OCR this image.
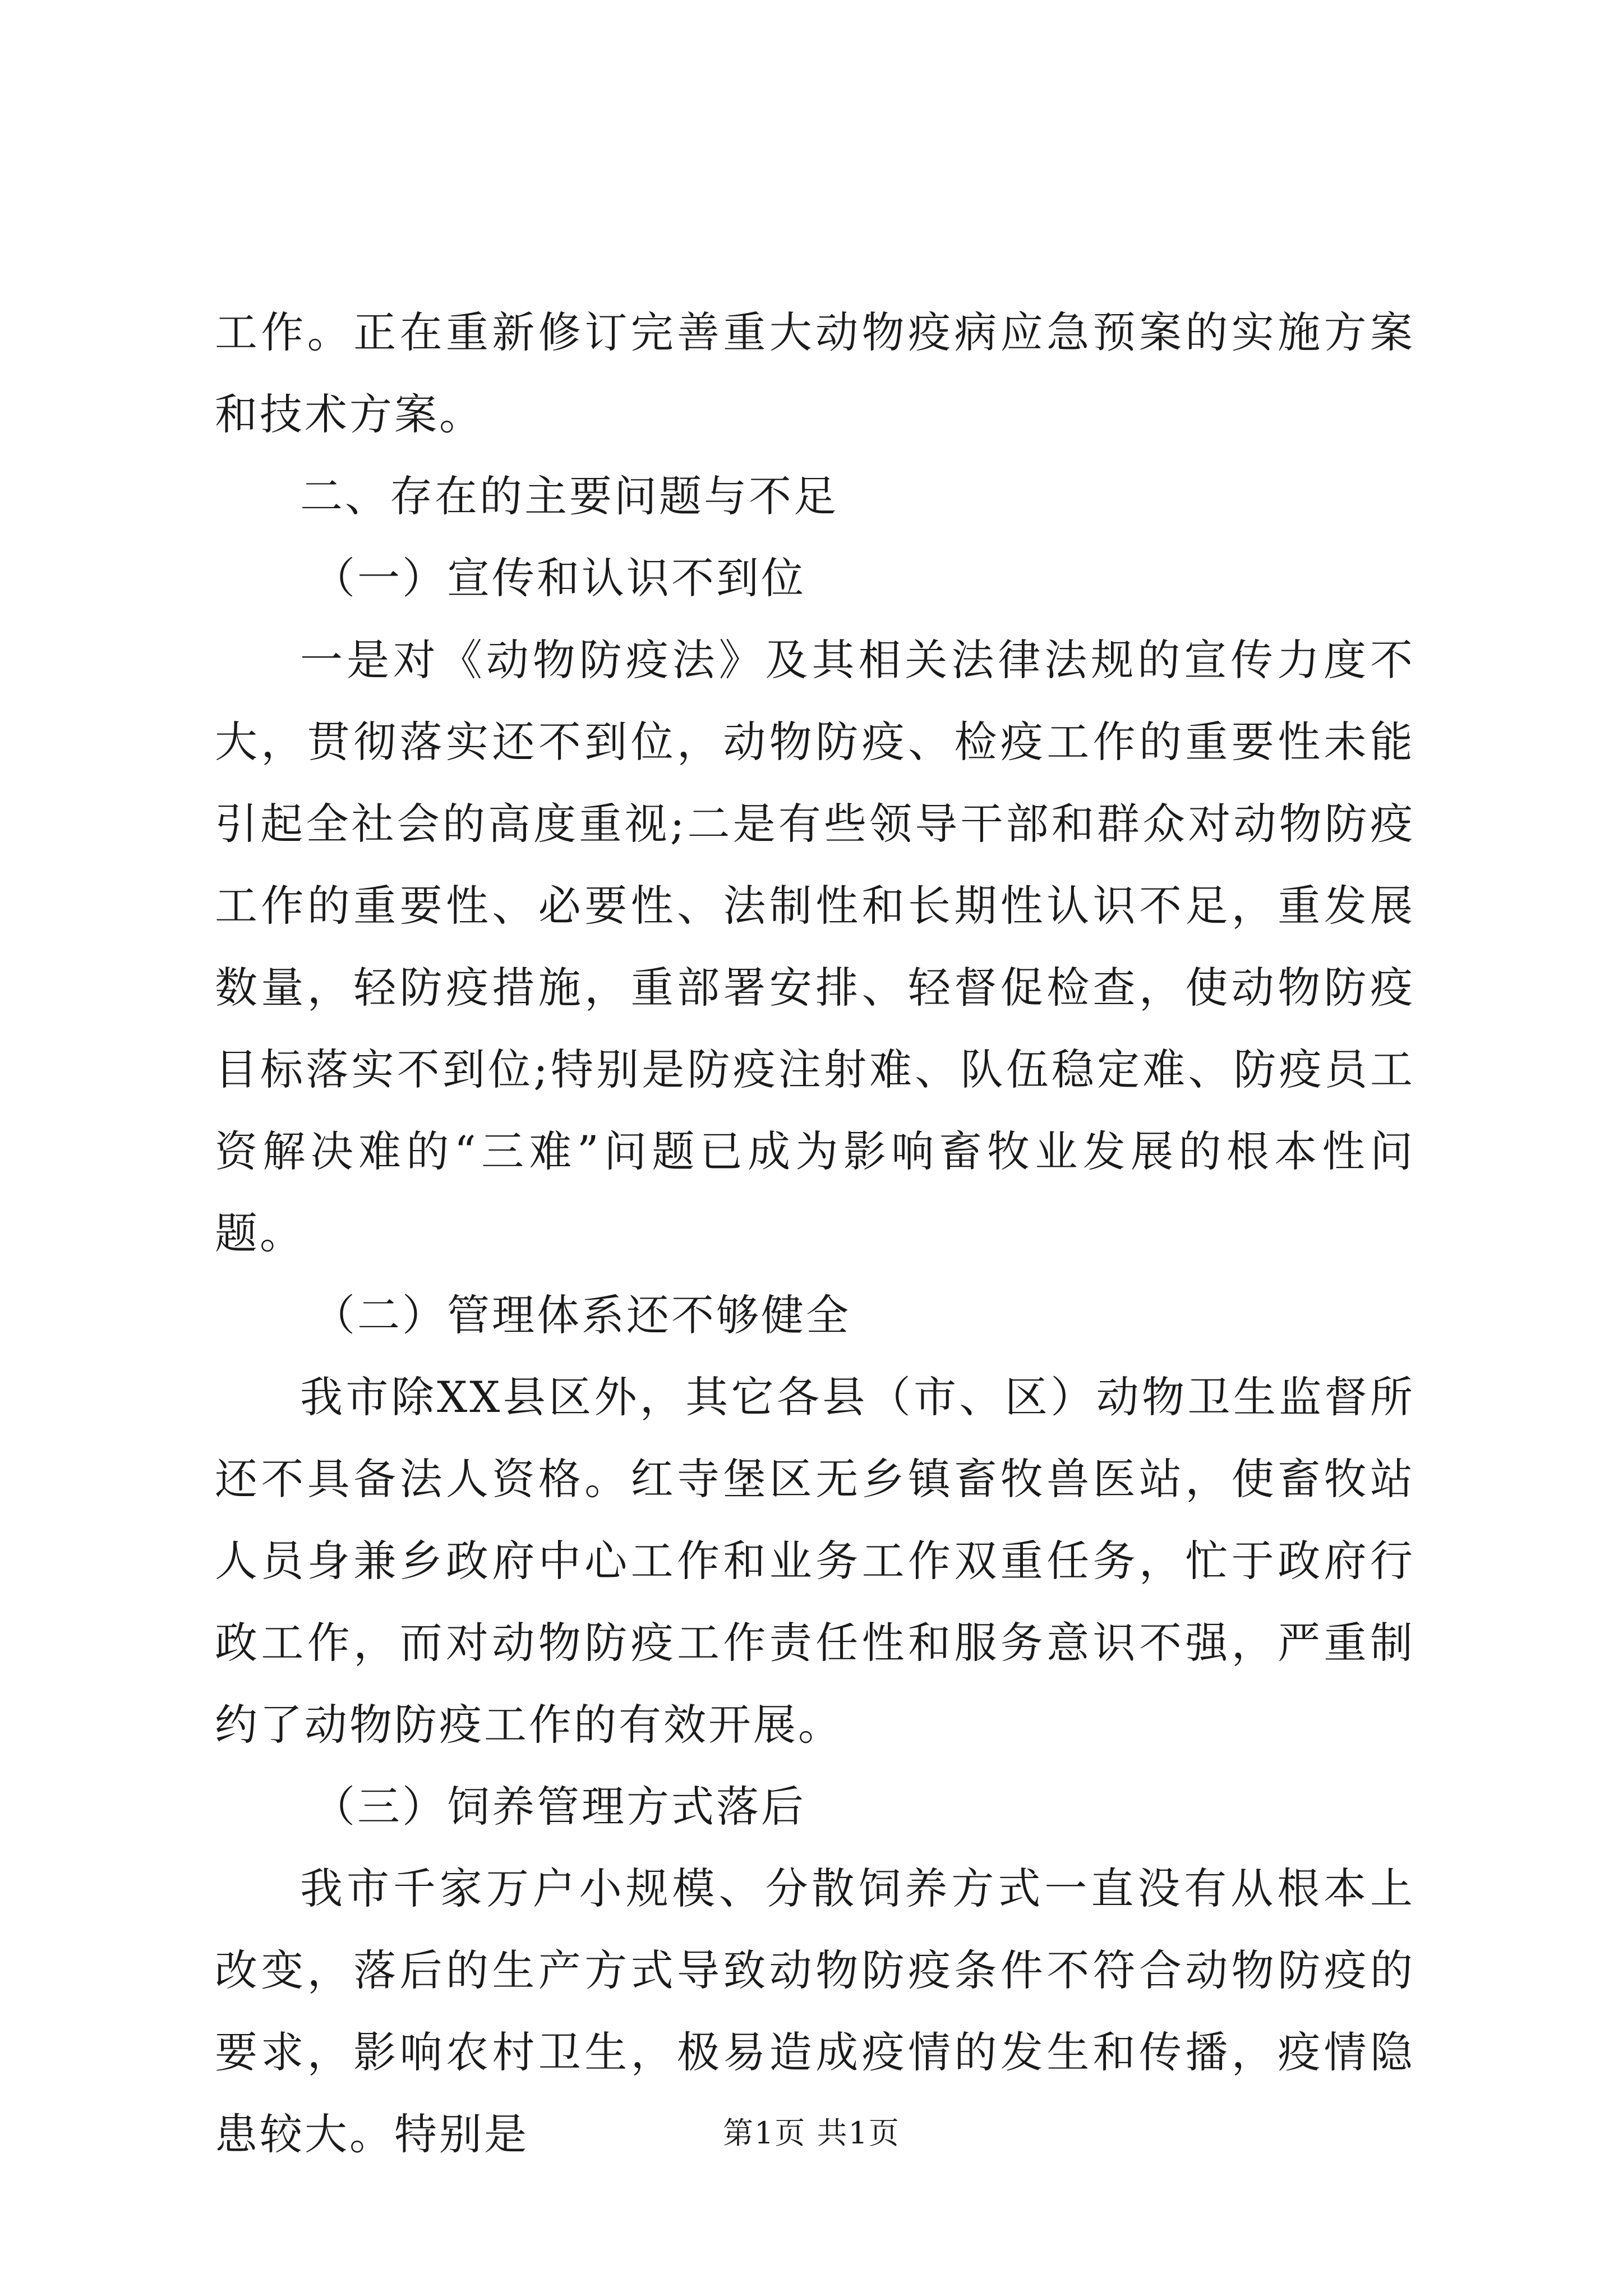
工作。正在重新修订完善重大动物疫病应急预案的实施方案和技术方案。

二、存在的主要问题与不足

（一）宣传和认识不到位

一是对《动物防疫法》及其相关法律法规的宣传力度不大，贯彻落实还不到位，动物防疫、检疫工作的重要性未能引起全社会的高度重视;二是有些领导干部和群众对动物防疫工作的重要性、必要性、法制性和长期性认识不足，重发展数量，轻防疫措施，重部署安排、轻督促检查，使动物防疫目标落实不到位;特别是防疫注射难、队伍稳定难、防疫员工资解决难的“三难”问题已成为影响畜牧业发展的根本性问题。

（二）管理体系还不够健全

我市除XX县区外，其它各县（市、区）动物卫生监督所还不具备法人资格。红寺堡区无乡镇畜牧兽医站，使畜牧站人员身兼乡政府中心工作和业务工作双重任务，忙于政府行政工作，而对动物防疫工作责任性和服务意识不强，严重制约了动物防疫工作的有效开展。

（三）饲养管理方式落后

我市千家万户小规模、分散饲养方式一直没有从根本上改变，落后的生产方式导致动物防疫条件不符合动物防疫的要求，影响农村卫生，极易造成疫情的发生和传播，疫情隐患较大。特别是	第1页 共1页
